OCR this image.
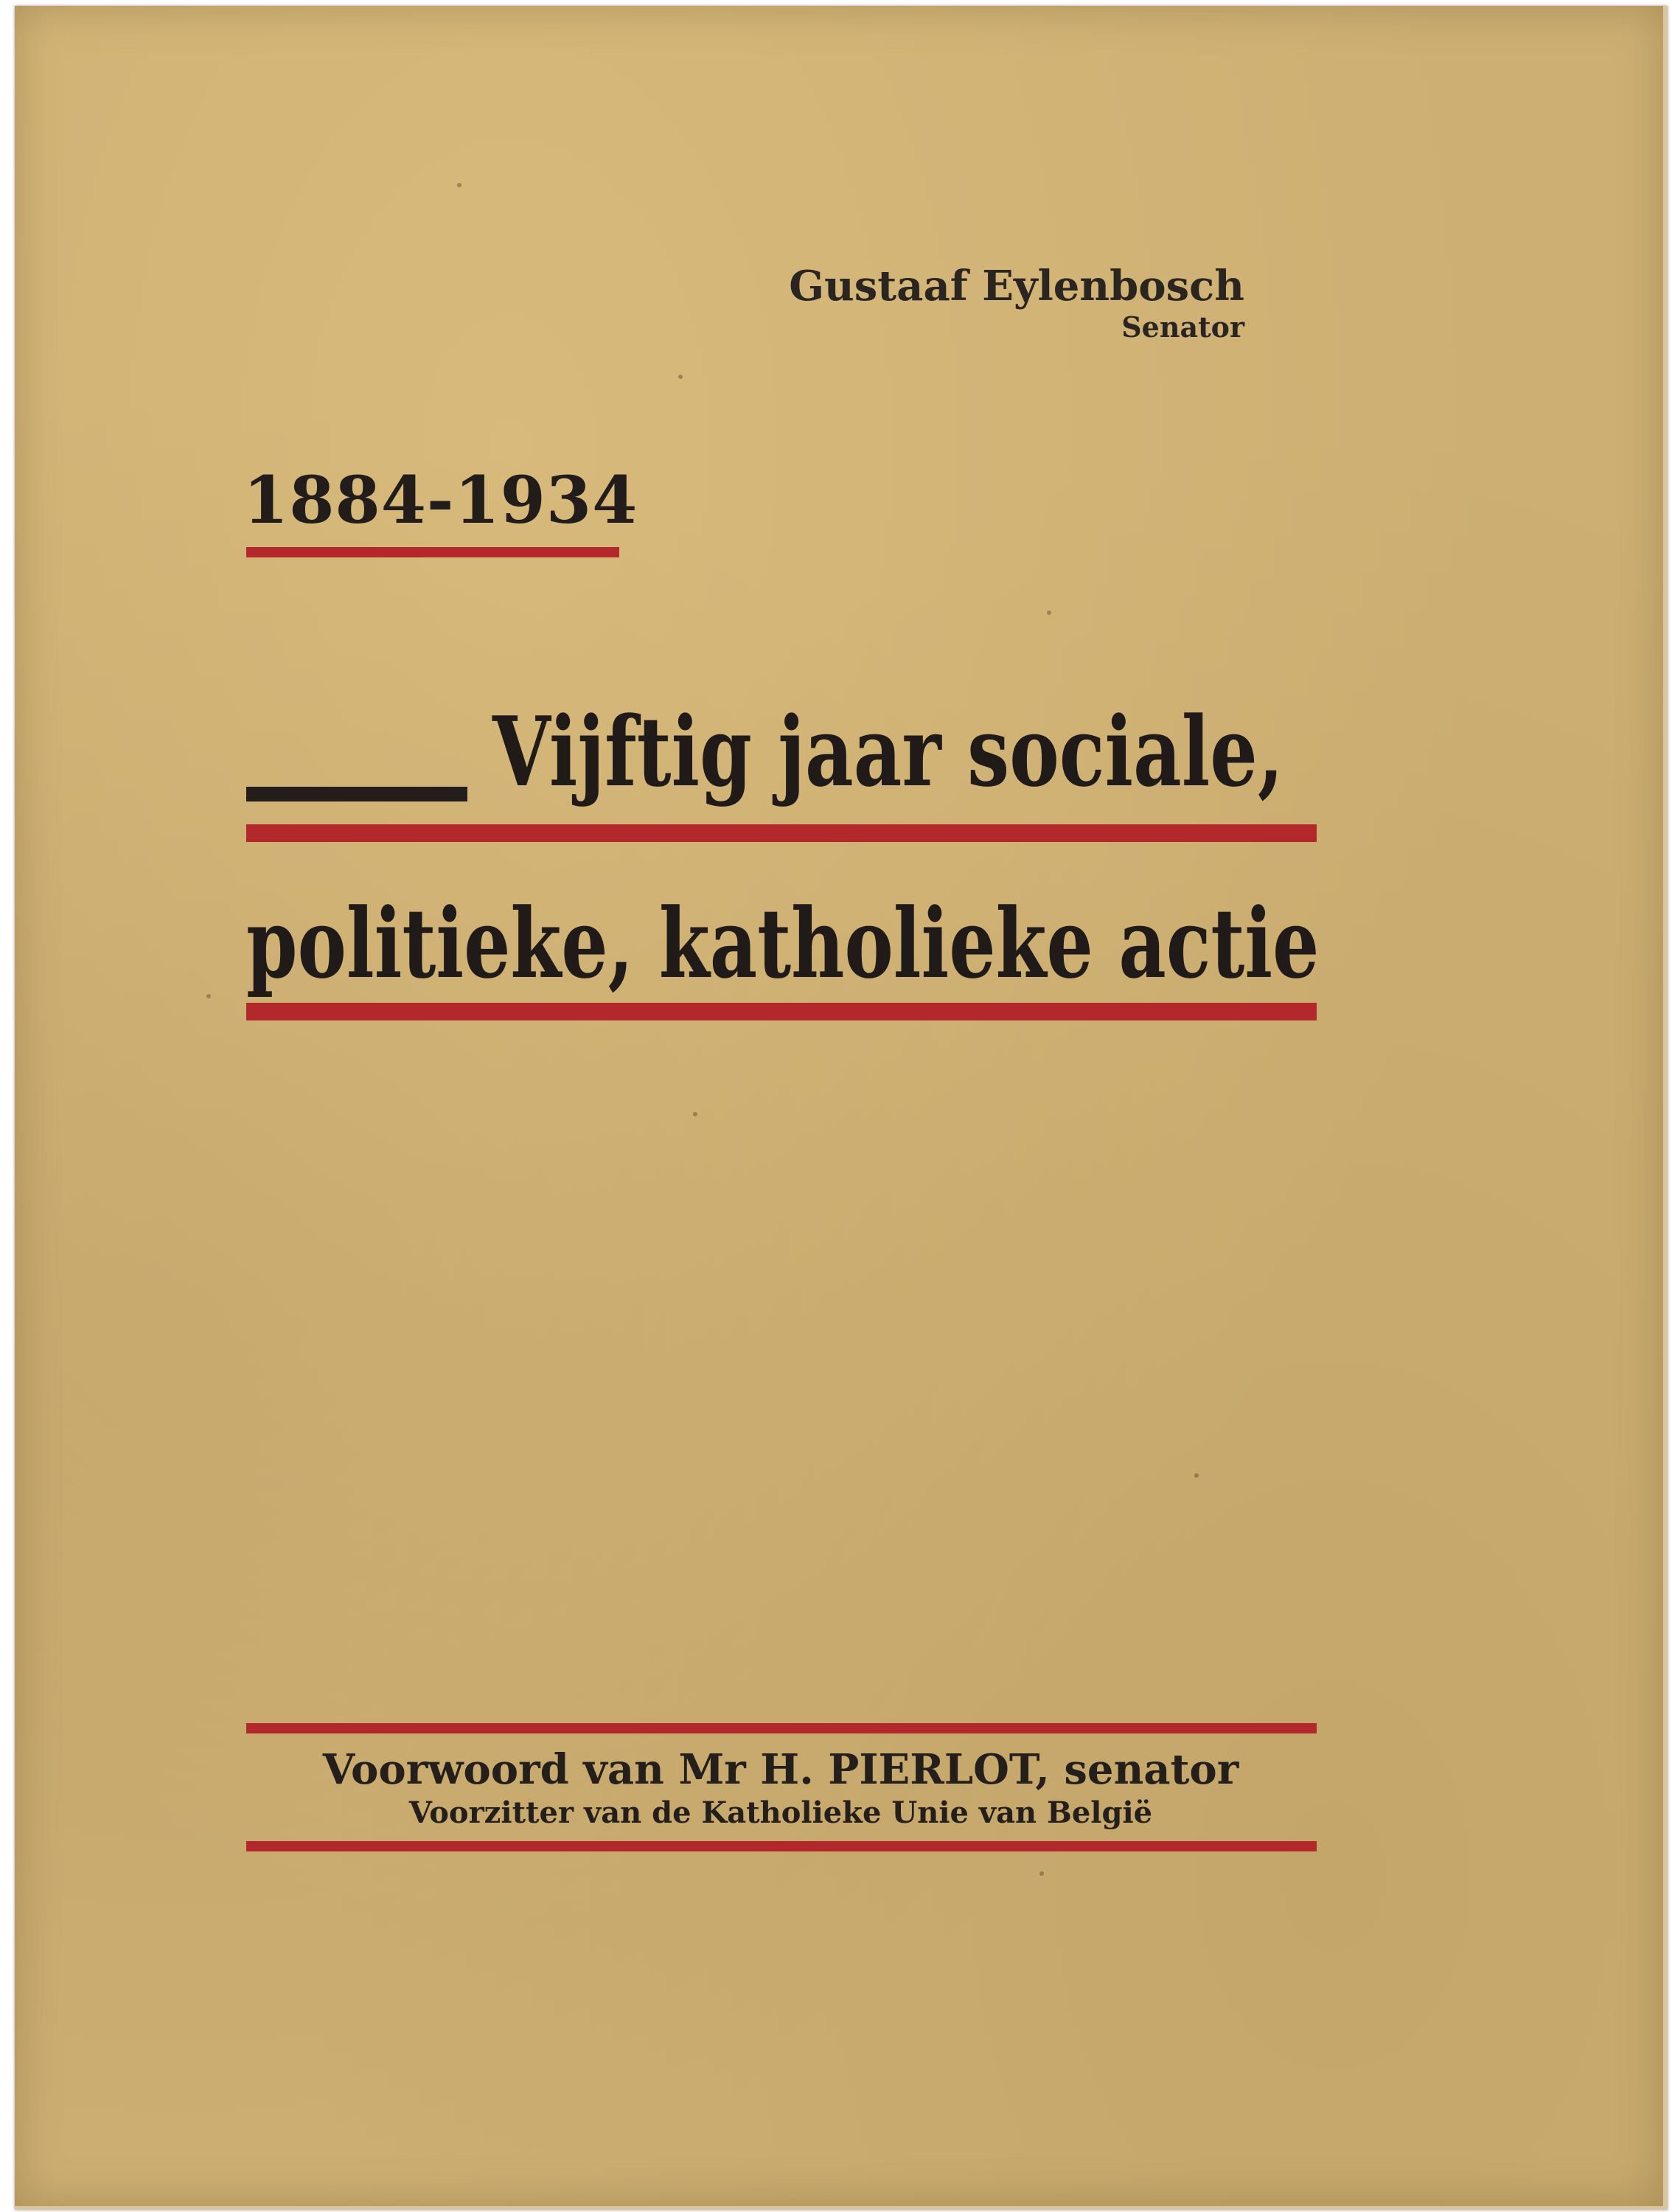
Gustaaf Eylenbosch
Senator
1884-1934
Vijftig jaar sociale,
politieke, katholieke actie
Voorwoord van Mr H. PIERLOT, senator
Voorzitter van de Katholieke Unie van België
